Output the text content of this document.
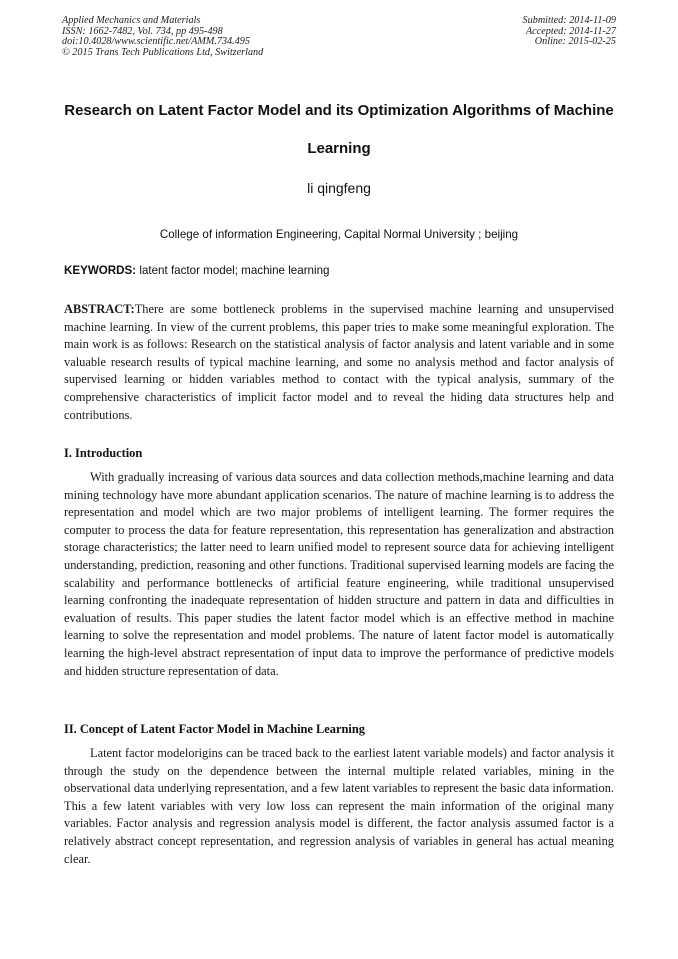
Applied Mechanics and Materials
ISSN: 1662-7482, Vol. 734, pp 495-498
doi:10.4028/www.scientific.net/AMM.734.495
© 2015 Trans Tech Publications Ltd, Switzerland
Submitted: 2014-11-09
Accepted: 2014-11-27
Online: 2015-02-25
Research on Latent Factor Model and its Optimization Algorithms of Machine Learning
li qingfeng
College of information Engineering, Capital Normal University ; beijing
KEYWORDS: latent factor model; machine learning
ABSTRACT:There are some bottleneck problems in the supervised machine learning and unsupervised machine learning. In view of the current problems, this paper tries to make some meaningful exploration. The main work is as follows: Research on the statistical analysis of factor analysis and latent variable and in some valuable research results of typical machine learning, and some no analysis method and factor analysis of supervised learning or hidden variables method to contact with the typical analysis, summary of the comprehensive characteristics of implicit factor model and to reveal the hiding data structures help and contributions.
I. Introduction
With gradually increasing of various data sources and data collection methods,machine learning and data mining technology have more abundant application scenarios. The nature of machine learning is to address the representation and model which are two major problems of intelligent learning. The former requires the computer to process the data for feature representation, this representation has generalization and abstraction storage characteristics; the latter need to learn unified model to represent source data for achieving intelligent understanding, prediction, reasoning and other functions. Traditional supervised learning models are facing the scalability and performance bottlenecks of artificial feature engineering, while traditional unsupervised learning confronting the inadequate representation of hidden structure and pattern in data and difficulties in evaluation of results. This paper studies the latent factor model which is an effective method in machine learning to solve the representation and model problems. The nature of latent factor model is automatically learning the high-level abstract representation of input data to improve the performance of predictive models and hidden structure representation of data.
II. Concept of Latent Factor Model in Machine Learning
Latent factor modelorigins can be traced back to the earliest latent variable models) and factor analysis it through the study on the dependence between the internal multiple related variables, mining in the observational data underlying representation, and a few latent variables to represent the basic data information. This a few latent variables with very low loss can represent the main information of the original many variables. Factor analysis and regression analysis model is different, the factor analysis assumed factor is a relatively abstract concept representation, and regression analysis of variables in general has actual meaning clear.
